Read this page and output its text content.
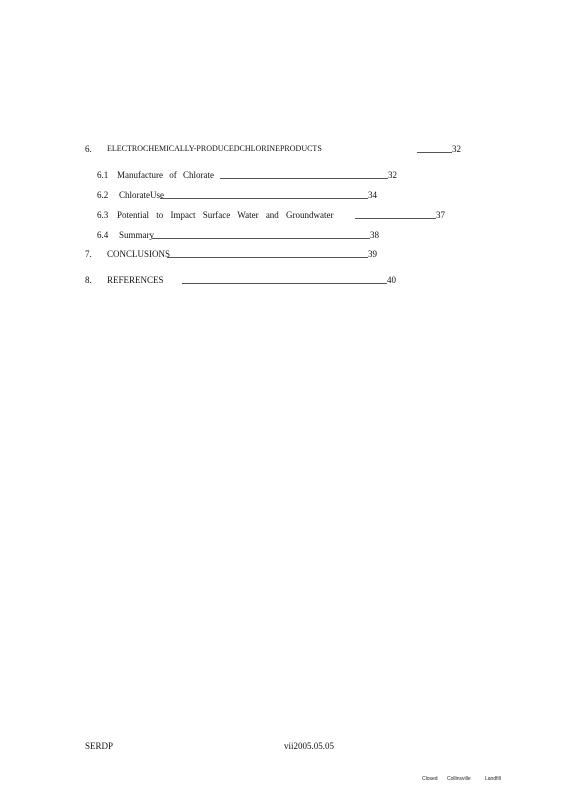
6. ELECTROCHEMICALLY-PRODUCEDCHLORINEPRODUCTS	32
6.1 Manufacture of Chlorate	32
6.2 ChlorateUse	34
6.3 Potential to Impact Surface Water and Groundwater	37
6.4 Summary	38
7. CONCLUSIONS	39
8. REFERENCES	40
SERDP	vii2005.05.05
Closed Collinsville	Landfill
